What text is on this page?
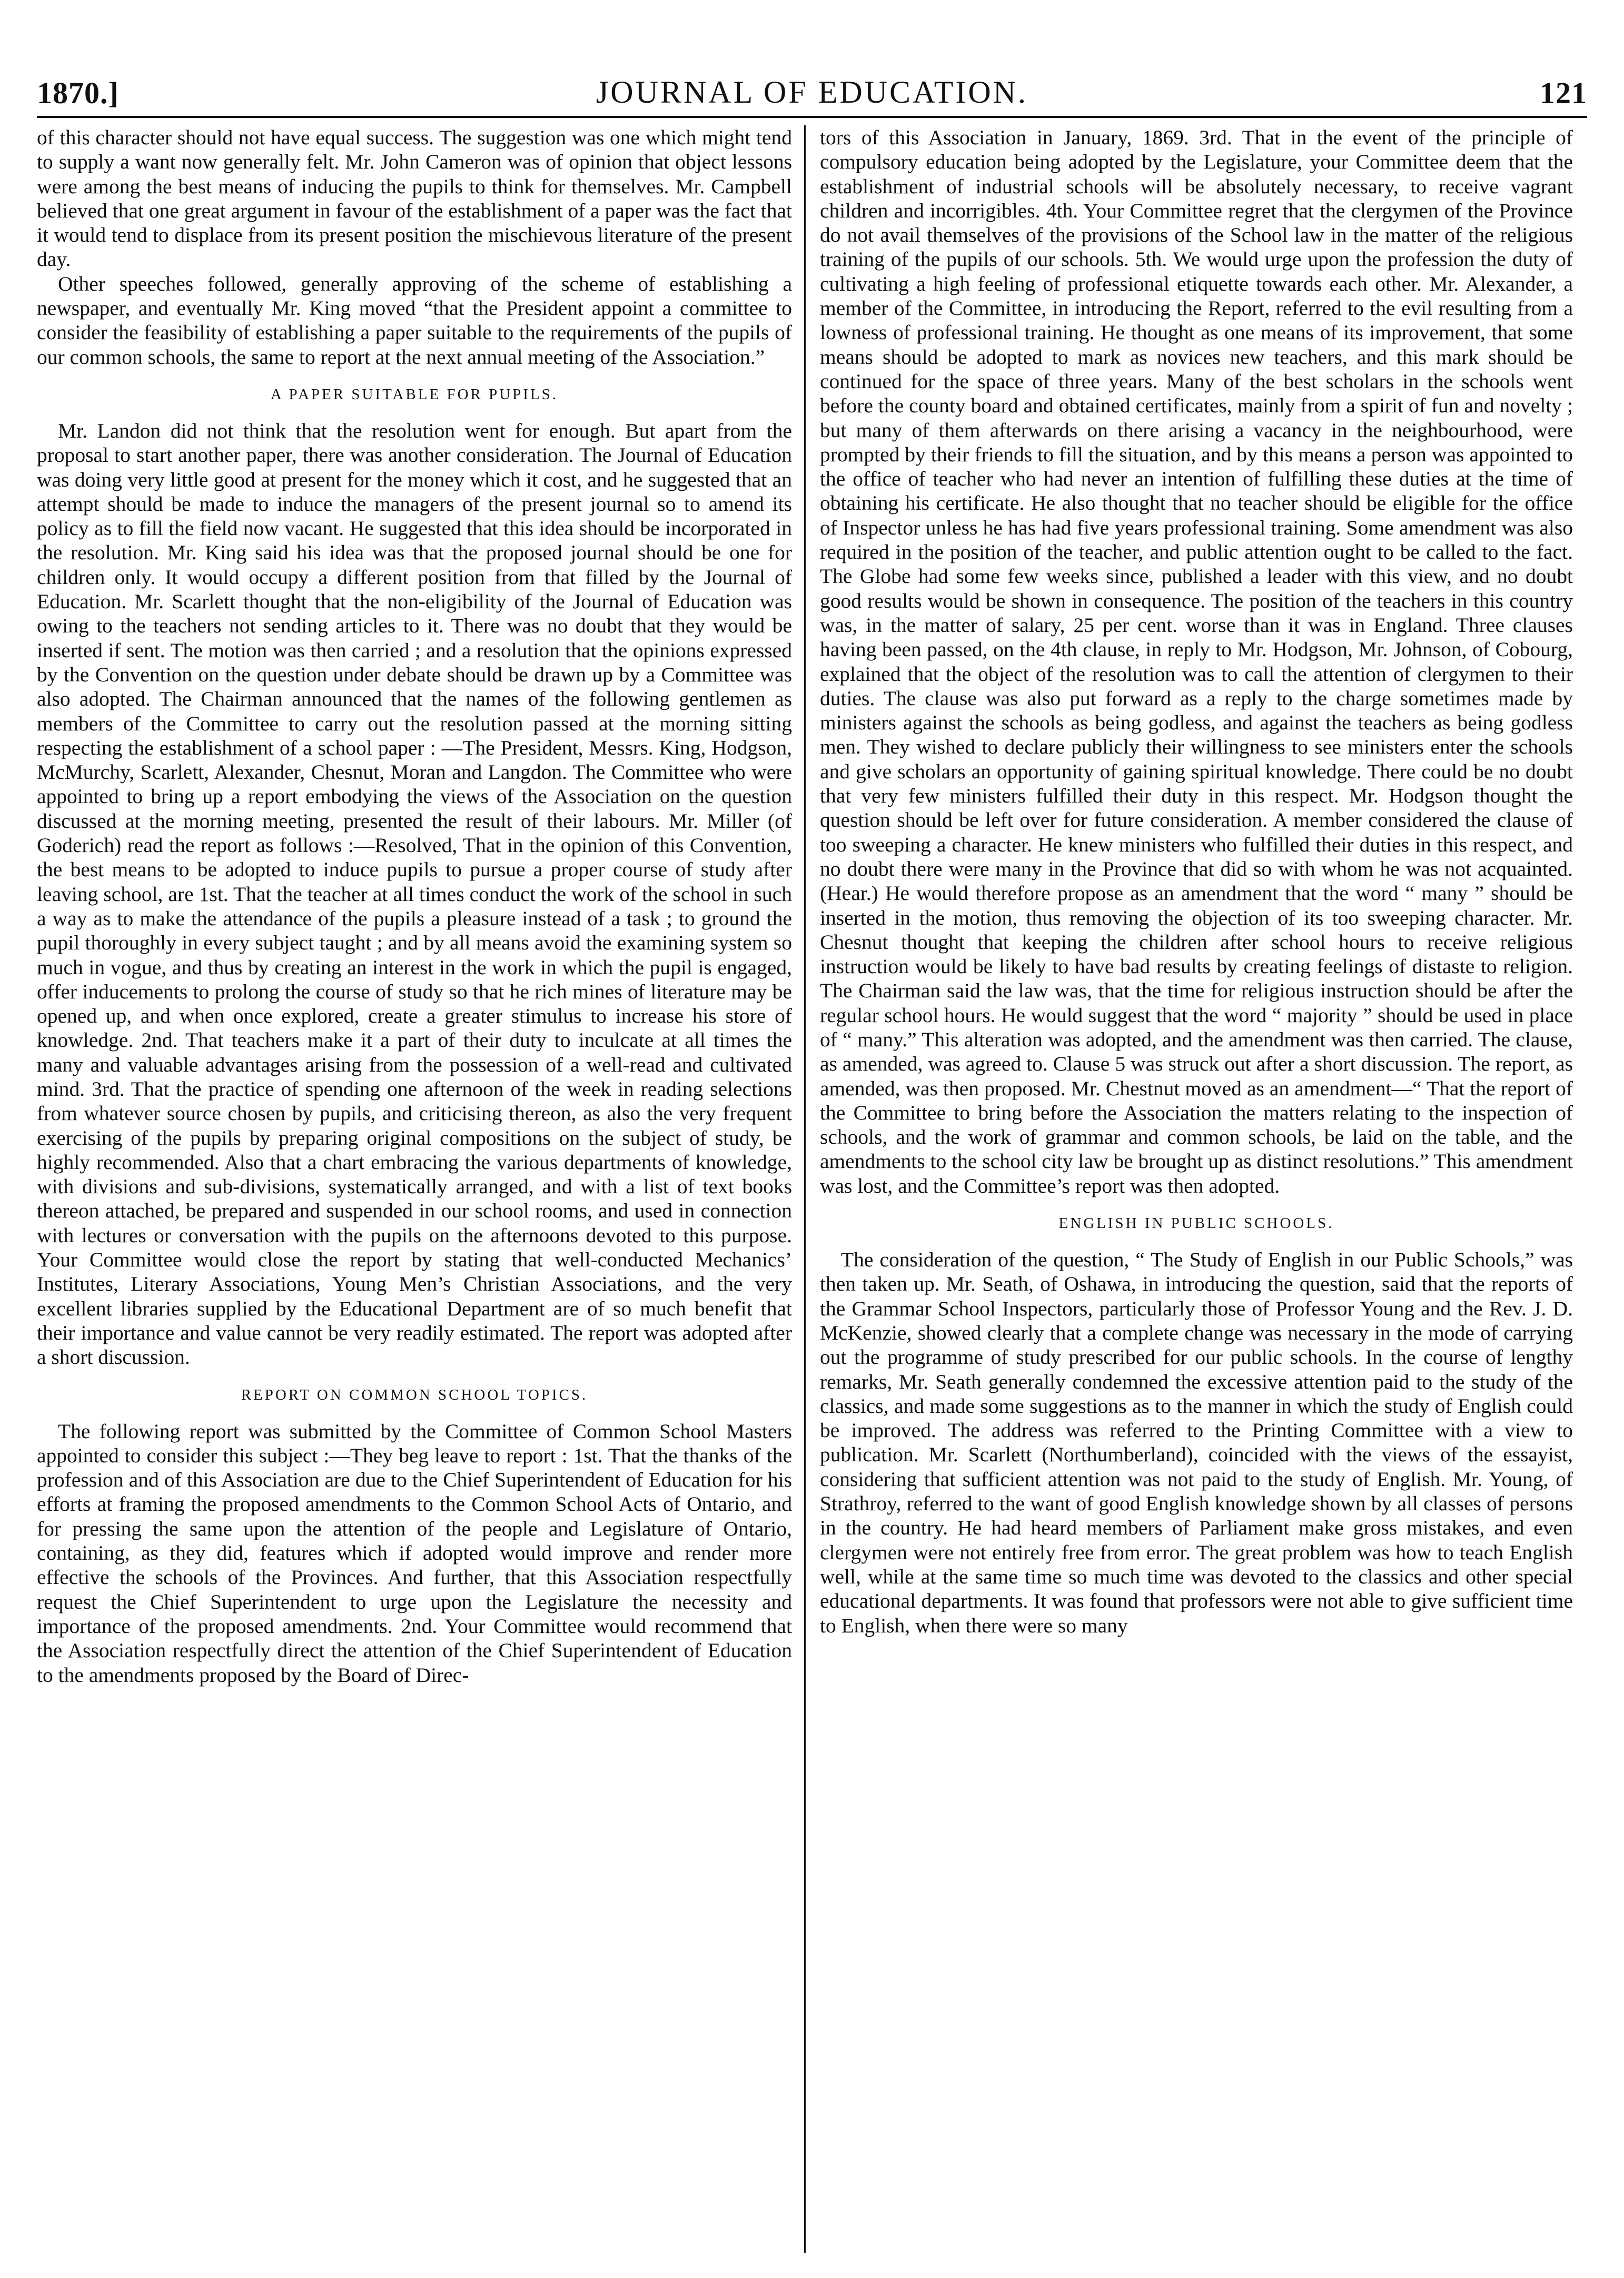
1870.]	JOURNAL OF EDUCATION.	121

of this character should not have equal success. The suggestion was one which might tend to supply a want now generally felt. Mr. John Cameron was of opinion that object lessons were among the best means of inducing the pupils to think for themselves. Mr. Campbell believed that one great argument in favour of the establishment of a paper was the fact that it would tend to displace from its present position the mischievous literature of the present day.

Other speeches followed, generally approving of the scheme of establishing a newspaper, and eventually Mr. King moved “that the President appoint a committee to consider the feasibility of establishing a paper suitable to the requirements of the pupils of our common schools, the same to report at the next annual meeting of the Association.”

A PAPER SUITABLE FOR PUPILS.

Mr. Landon did not think that the resolution went for enough. But apart from the proposal to start another paper, there was another consideration. The Journal of Education was doing very little good at present for the money which it cost, and he suggested that an attempt should be made to induce the managers of the present journal so to amend its policy as to fill the field now vacant. He suggested that this idea should be incorporated in the resolution. Mr. King said his idea was that the proposed journal should be one for children only. It would occupy a different position from that filled by the Journal of Education. Mr. Scarlett thought that the non-eligibility of the Journal of Education was owing to the teachers not sending articles to it. There was no doubt that they would be inserted if sent. The motion was then carried ; and a resolution that the opinions expressed by the Convention on the question under debate should be drawn up by a Committee was also adopted. The Chairman announced that the names of the following gentlemen as members of the Committee to carry out the resolution passed at the morning sitting respecting the establishment of a school paper : —The President, Messrs. King, Hodgson, McMurchy, Scarlett, Alexander, Chesnut, Moran and Langdon. The Committee who were appointed to bring up a report embodying the views of the Association on the question discussed at the morning meeting, presented the result of their labours. Mr. Miller (of Goderich) read the report as follows :—Resolved, That in the opinion of this Convention, the best means to be adopted to induce pupils to pursue a proper course of study after leaving school, are 1st. That the teacher at all times conduct the work of the school in such a way as to make the attendance of the pupils a pleasure instead of a task ; to ground the pupil thoroughly in every subject taught ; and by all means avoid the examining system so much in vogue, and thus by creating an interest in the work in which the pupil is engaged, offer inducements to prolong the course of study so that he rich mines of literature may be opened up, and when once explored, create a greater stimulus to increase his store of knowledge. 2nd. That teachers make it a part of their duty to inculcate at all times the many and valuable advantages arising from the possession of a well-read and cultivated mind. 3rd. That the practice of spending one afternoon of the week in reading selections from whatever source chosen by pupils, and criticising thereon, as also the very frequent exercising of the pupils by preparing original compositions on the subject of study, be highly recommended. Also that a chart embracing the various departments of knowledge, with divisions and sub-divisions, systematically arranged, and with a list of text books thereon attached, be prepared and suspended in our school rooms, and used in connection with lectures or conversation with the pupils on the afternoons devoted to this purpose. Your Committee would close the report by stating that well-conducted Mechanics’ Institutes, Literary Associations, Young Men’s Christian Associations, and the very excellent libraries supplied by the Educational Department are of so much benefit that their importance and value cannot be very readily estimated. The report was adopted after a short discussion.

REPORT ON COMMON SCHOOL TOPICS.

The following report was submitted by the Committee of Common School Masters appointed to consider this subject :—They beg leave to report : 1st. That the thanks of the profession and of this Association are due to the Chief Superintendent of Education for his efforts at framing the proposed amendments to the Common School Acts of Ontario, and for pressing the same upon the attention of the people and Legislature of Ontario, containing, as they did, features which if adopted would improve and render more effective the schools of the Provinces. And further, that this Association respectfully request the Chief Superintendent to urge upon the Legislature the necessity and importance of the proposed amendments. 2nd. Your Committee would recommend that the Association respectfully direct the attention of the Chief Superintendent of Education to the amendments proposed by the Board of Direc-

tors of this Association in January, 1869. 3rd. That in the event of the principle of compulsory education being adopted by the Legislature, your Committee deem that the establishment of industrial schools will be absolutely necessary, to receive vagrant children and incorrigibles. 4th. Your Committee regret that the clergymen of the Province do not avail themselves of the provisions of the School law in the matter of the religious training of the pupils of our schools. 5th. We would urge upon the profession the duty of cultivating a high feeling of professional etiquette towards each other. Mr. Alexander, a member of the Committee, in introducing the Report, referred to the evil resulting from a lowness of professional training. He thought as one means of its improvement, that some means should be adopted to mark as novices new teachers, and this mark should be continued for the space of three years. Many of the best scholars in the schools went before the county board and obtained certificates, mainly from a spirit of fun and novelty ; but many of them afterwards on there arising a vacancy in the neighbourhood, were prompted by their friends to fill the situation, and by this means a person was appointed to the office of teacher who had never an intention of fulfilling these duties at the time of obtaining his certificate. He also thought that no teacher should be eligible for the office of Inspector unless he has had five years professional training. Some amendment was also required in the position of the teacher, and public attention ought to be called to the fact. The Globe had some few weeks since, published a leader with this view, and no doubt good results would be shown in consequence. The position of the teachers in this country was, in the matter of salary, 25 per cent. worse than it was in England. Three clauses having been passed, on the 4th clause, in reply to Mr. Hodgson, Mr. Johnson, of Cobourg, explained that the object of the resolution was to call the attention of clergymen to their duties. The clause was also put forward as a reply to the charge sometimes made by ministers against the schools as being godless, and against the teachers as being godless men. They wished to declare publicly their willingness to see ministers enter the schools and give scholars an opportunity of gaining spiritual knowledge. There could be no doubt that very few ministers fulfilled their duty in this respect. Mr. Hodgson thought the question should be left over for future consideration. A member considered the clause of too sweeping a character. He knew ministers who fulfilled their duties in this respect, and no doubt there were many in the Province that did so with whom he was not acquainted. (Hear.) He would therefore propose as an amendment that the word “ many ” should be inserted in the motion, thus removing the objection of its too sweeping character. Mr. Chesnut thought that keeping the children after school hours to receive religious instruction would be likely to have bad results by creating feelings of distaste to religion. The Chairman said the law was, that the time for religious instruction should be after the regular school hours. He would suggest that the word “ majority ” should be used in place of “ many.” This alteration was adopted, and the amendment was then carried. The clause, as amended, was agreed to. Clause 5 was struck out after a short discussion. The report, as amended, was then proposed. Mr. Chestnut moved as an amendment—“ That the report of the Committee to bring before the Association the matters relating to the inspection of schools, and the work of grammar and common schools, be laid on the table, and the amendments to the school city law be brought up as distinct resolutions.” This amendment was lost, and the Committee’s report was then adopted.

ENGLISH IN PUBLIC SCHOOLS.

The consideration of the question, “ The Study of English in our Public Schools,” was then taken up. Mr. Seath, of Oshawa, in introducing the question, said that the reports of the Grammar School Inspectors, particularly those of Professor Young and the Rev. J. D. McKenzie, showed clearly that a complete change was necessary in the mode of carrying out the programme of study prescribed for our public schools. In the course of lengthy remarks, Mr. Seath generally condemned the excessive attention paid to the study of the classics, and made some suggestions as to the manner in which the study of English could be improved. The address was referred to the Printing Committee with a view to publication. Mr. Scarlett (Northumberland), coincided with the views of the essayist, considering that sufficient attention was not paid to the study of English. Mr. Young, of Strathroy, referred to the want of good English knowledge shown by all classes of persons in the country. He had heard members of Parliament make gross mistakes, and even clergymen were not entirely free from error. The great problem was how to teach English well, while at the same time so much time was devoted to the classics and other special educational departments. It was found that professors were not able to give sufficient time to English, when there were so many
